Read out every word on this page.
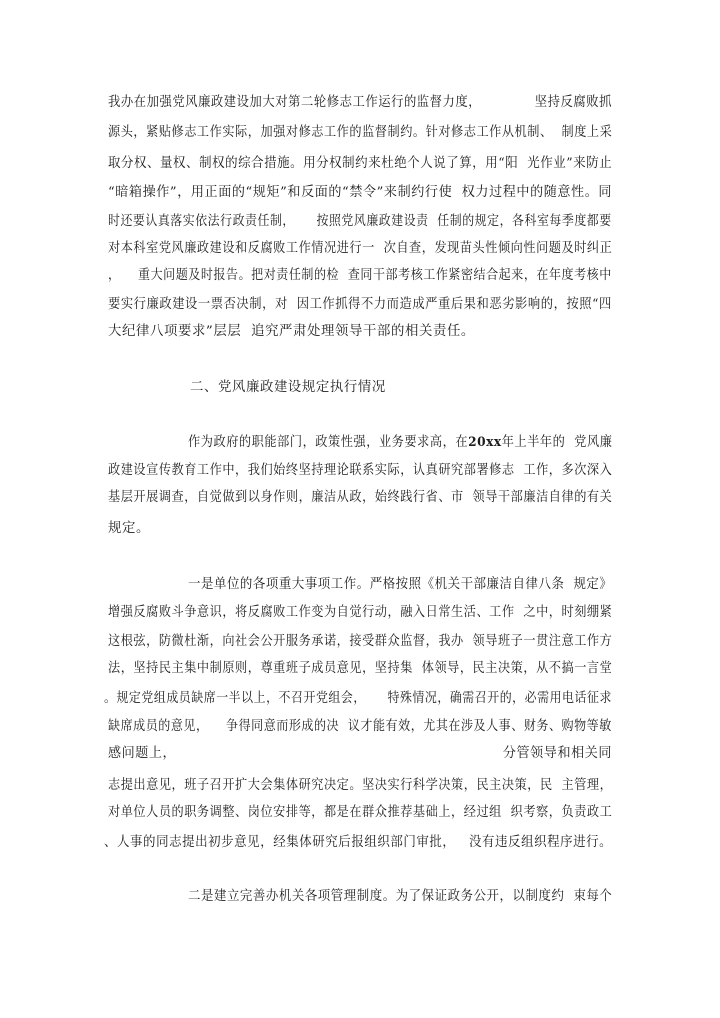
我办在加强党风廉政建设加大对第二轮修志工作运行的监督力度，            坚持反腐败抓
源头，紧贴修志工作实际，加强对修志工作的监督制约。针对修志工作从机制、  制度上采
取分权、量权、制权的综合措施。用分权制约来杜绝个人说了算，用“阳  光作业”来防止
“暗箱操作”，用正面的“规矩”和反面的“禁令”来制约行使  权力过程中的随意性。同
时还要认真落实依法行政责任制，     按照党风廉政建设责  任制的规定，各科室每季度都要
对本科室党风廉政建设和反腐败工作情况进行一  次自查，发现苗头性倾向性问题及时纠正
，    重大问题及时报告。把对责任制的检  查同干部考核工作紧密结合起来，在年度考核中
要实行廉政建设一票否决制，对  因工作抓得不力而造成严重后果和恶劣影响的，按照“四
大纪律八项要求”层层  追究严肃处理领导干部的相关责任。
二、党风廉政建设规定执行情况
作为政府的职能部门，政策性强，业务要求高，在20xx年上半年的  党风廉
政建设宣传教育工作中，我们始终坚持理论联系实际，认真研究部署修志  工作，多次深入
基层开展调查，自觉做到以身作则，廉洁从政，始终践行省、市  领导干部廉洁自律的有关
规定。
一是单位的各项重大事项工作。严格按照《机关干部廉洁自律八条  规定》
增强反腐败斗争意识，将反腐败工作变为自觉行动，融入日常生活、工作  之中，时刻绷紧
这根弦，防微杜渐，向社会公开服务承诺，接受群众监督，我办  领导班子一贯注意工作方
法，坚持民主集中制原则，尊重班子成员意见，坚持集  体领导，民主决策，从不搞一言堂
。规定党组成员缺席一半以上，不召开党组会，     特殊情况，确需召开的，必需用电话征求
缺席成员的意见，    争得同意而形成的决  议才能有效，尤其在涉及人事、财务、购物等敏
感问题上，                                                                     分管领导和相关同
志提出意见，班子召开扩大会集体研究决定。坚决实行科学决策，民主决策，民  主管理，
对单位人员的职务调整、岗位安排等，都是在群众推荐基础上，经过组  织考察，负责政工
、人事的同志提出初步意见，经集体研究后报组织部门审批，   没有违反组织程序进行。
二是建立完善办机关各项管理制度。为了保证政务公开，以制度约  束每个
